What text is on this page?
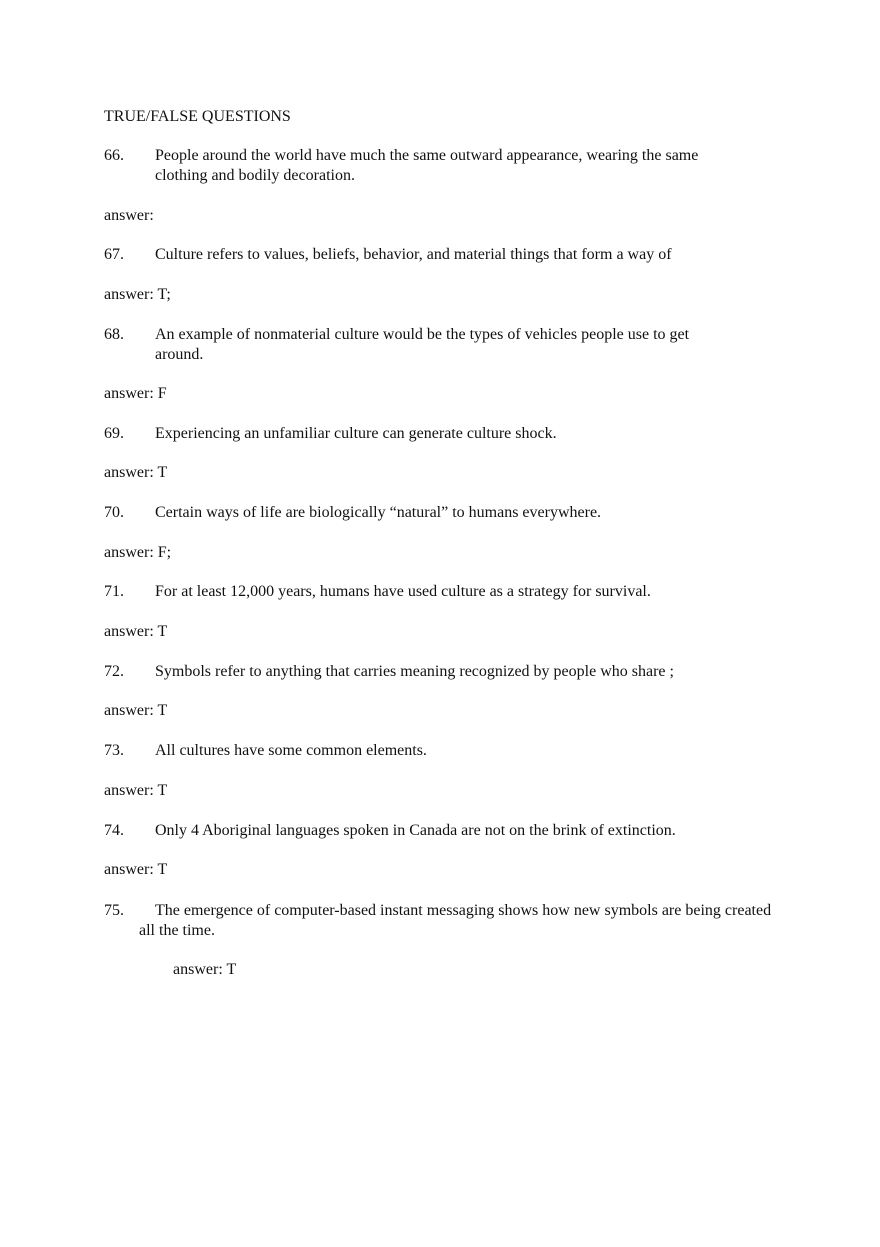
TRUE/FALSE QUESTIONS
66. People around the world have much the same outward appearance, wearing the same clothing and bodily decoration.
answer:
67. Culture refers to values, beliefs, behavior, and material things that form a way of
answer: T;
68. An example of nonmaterial culture would be the types of vehicles people use to get around.
answer: F
69. Experiencing an unfamiliar culture can generate culture shock.
answer: T
70. Certain ways of life are biologically “natural” to humans everywhere.
answer: F;
71. For at least 12,000 years, humans have used culture as a strategy for survival.
answer: T
72. Symbols refer to anything that carries meaning recognized by people who share ;
answer: T
73. All cultures have some common elements.
answer: T
74. Only 4 Aboriginal languages spoken in Canada are not on the brink of extinction.
answer: T
75.	The emergence of computer-based instant messaging shows how new symbols are being created all the time.
answer: T
